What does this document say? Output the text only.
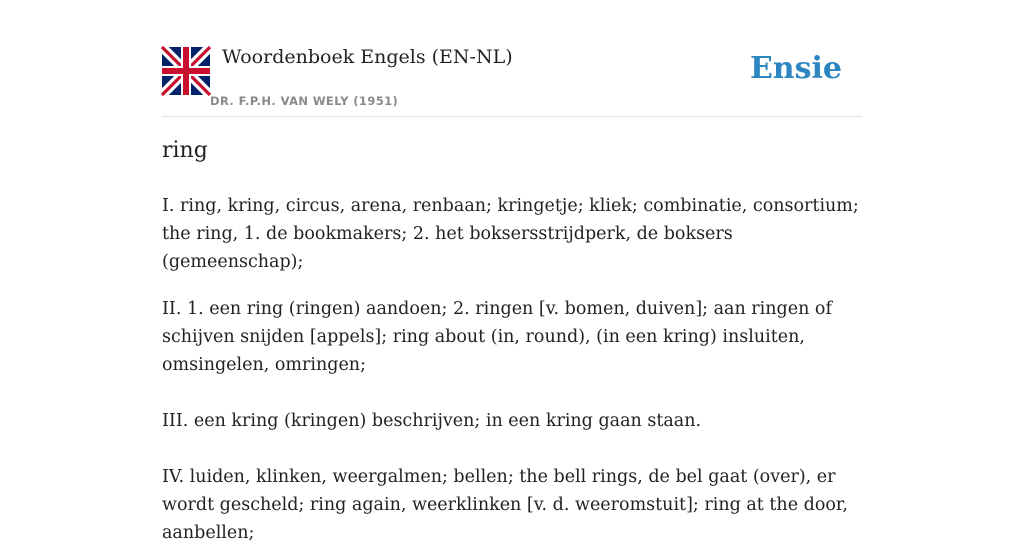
Woordenboek Engels (EN-NL)
DR. F.P.H. VAN WELY (1951)
Ensie
ring

I. ring, kring, circus, arena, renbaan; kringetje; kliek; combinatie, consortium; the ring, 1. de bookmakers; 2. het boksersstrijdperk, de boksers (gemeenschap);

II. 1. een ring (ringen) aandoen; 2. ringen [v. bomen, duiven]; aan ringen of schijven snijden [appels]; ring about (in, round), (in een kring) insluiten, omsingelen, omringen;

III. een kring (kringen) beschrijven; in een kring gaan staan.

IV. luiden, klinken, weergalmen; bellen; the bell rings, de bel gaat (over), er wordt gescheld; ring again, weerklinken [v. d. weeromstuit]; ring at the door, aanbellen;
